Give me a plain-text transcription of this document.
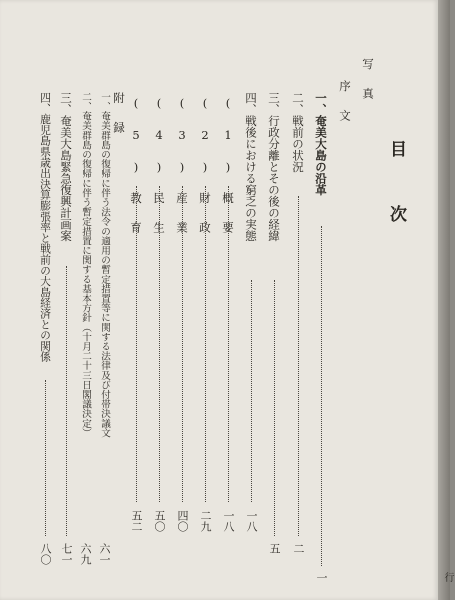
目次
写真
序文
一、奄美大島の沿革
一
二、戦前の状況
二
三、行政分離とその後の経緯
五
四、戦後における窮乏の実態
一八
(1)概要
一八
(2)財政
二九
(3)産業
四〇
(4)民生
五〇
(5)教育
五二
附録
一、奄美群島の復帰に伴う法令の適用の暫定措置等に関する法律及び付帯決議文
六一
二、奄美群島の復帰に伴う暫定措置に関する基本方針（十月二十三日閣議決定）
六九
三、奄美大島緊急復興計画案
七一
四、鹿児島県歳出決算膨張率と戦前の大島経済との関係
八〇
行
